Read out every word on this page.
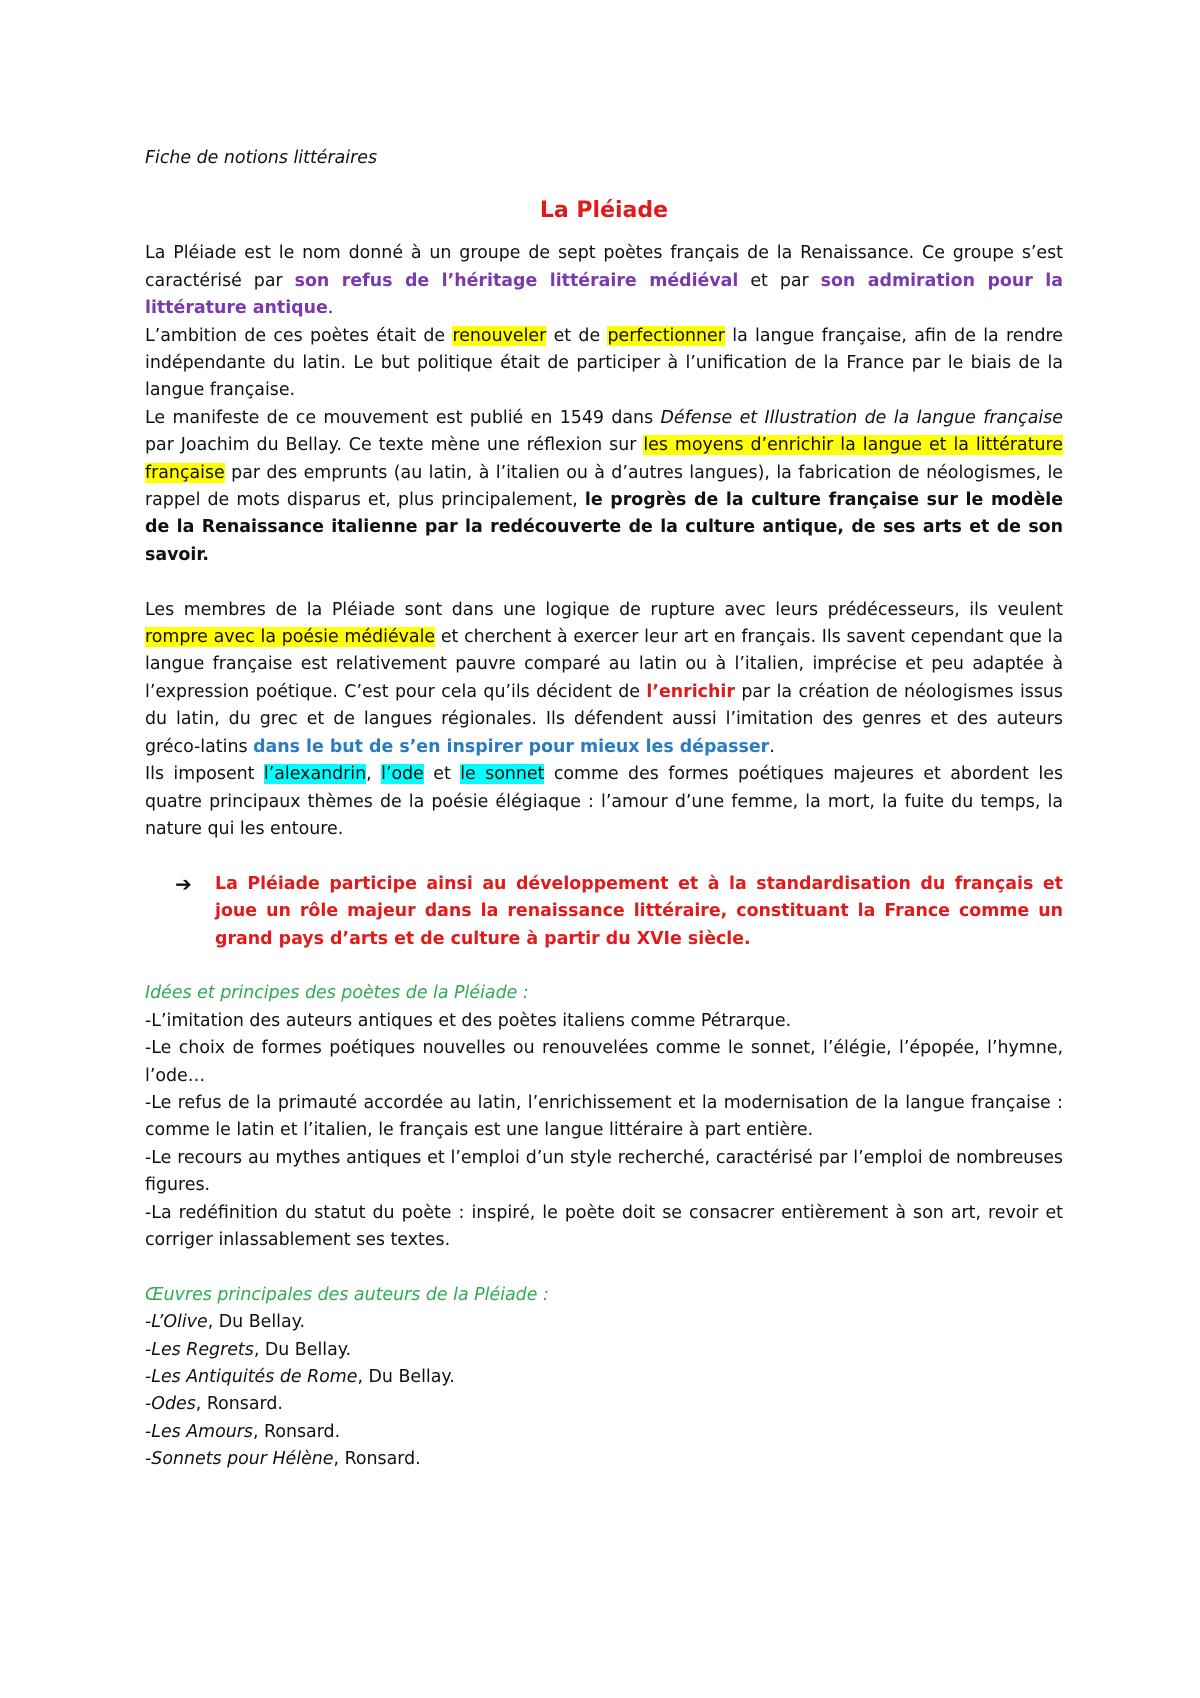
Fiche de notions littéraires

La Pléiade

La Pléiade est le nom donné à un groupe de sept poètes français de la Renaissance. Ce groupe s’est caractérisé par son refus de l’héritage littéraire médiéval et par son admiration pour la littérature antique.

L’ambition de ces poètes était de renouveler et de perfectionner la langue française, afin de la rendre indépendante du latin. Le but politique était de participer à l’unification de la France par le biais de la langue française.

Le manifeste de ce mouvement est publié en 1549 dans Défense et Illustration de la langue française par Joachim du Bellay. Ce texte mène une réflexion sur les moyens d’enrichir la langue et la littérature française par des emprunts (au latin, à l’italien ou à d’autres langues), la fabrication de néologismes, le rappel de mots disparus et, plus principalement, le progrès de la culture française sur le modèle de la Renaissance italienne par la redécouverte de la culture antique, de ses arts et de son savoir.

Les membres de la Pléiade sont dans une logique de rupture avec leurs prédécesseurs, ils veulent rompre avec la poésie médiévale et cherchent à exercer leur art en français. Ils savent cependant que la langue française est relativement pauvre comparé au latin ou à l’italien, imprécise et peu adaptée à l’expression poétique. C’est pour cela qu’ils décident de l’enrichir par la création de néologismes issus du latin, du grec et de langues régionales. Ils défendent aussi l’imitation des genres et des auteurs gréco-latins dans le but de s’en inspirer pour mieux les dépasser.

Ils imposent l’alexandrin, l’ode et le sonnet comme des formes poétiques majeures et abordent les quatre principaux thèmes de la poésie élégiaque : l’amour d’une femme, la mort, la fuite du temps, la nature qui les entoure.

➔	La Pléiade participe ainsi au développement et à la standardisation du français et joue un rôle majeur dans la renaissance littéraire, constituant la France comme un grand pays d’arts et de culture à partir du XVIe siècle.

Idées et principes des poètes de la Pléiade :

-L’imitation des auteurs antiques et des poètes italiens comme Pétrarque.

-Le choix de formes poétiques nouvelles ou renouvelées comme le sonnet, l’élégie, l’épopée, l’hymne, l’ode…

-Le refus de la primauté accordée au latin, l’enrichissement et la modernisation de la langue française : comme le latin et l’italien, le français est une langue littéraire à part entière.

-Le recours au mythes antiques et l’emploi d’un style recherché, caractérisé par l’emploi de nombreuses figures.

-La redéfinition du statut du poète : inspiré, le poète doit se consacrer entièrement à son art, revoir et corriger inlassablement ses textes.

Œuvres principales des auteurs de la Pléiade :

-L’Olive, Du Bellay.

-Les Regrets, Du Bellay.

-Les Antiquités de Rome, Du Bellay.

-Odes, Ronsard.

-Les Amours, Ronsard.

-Sonnets pour Hélène, Ronsard.
